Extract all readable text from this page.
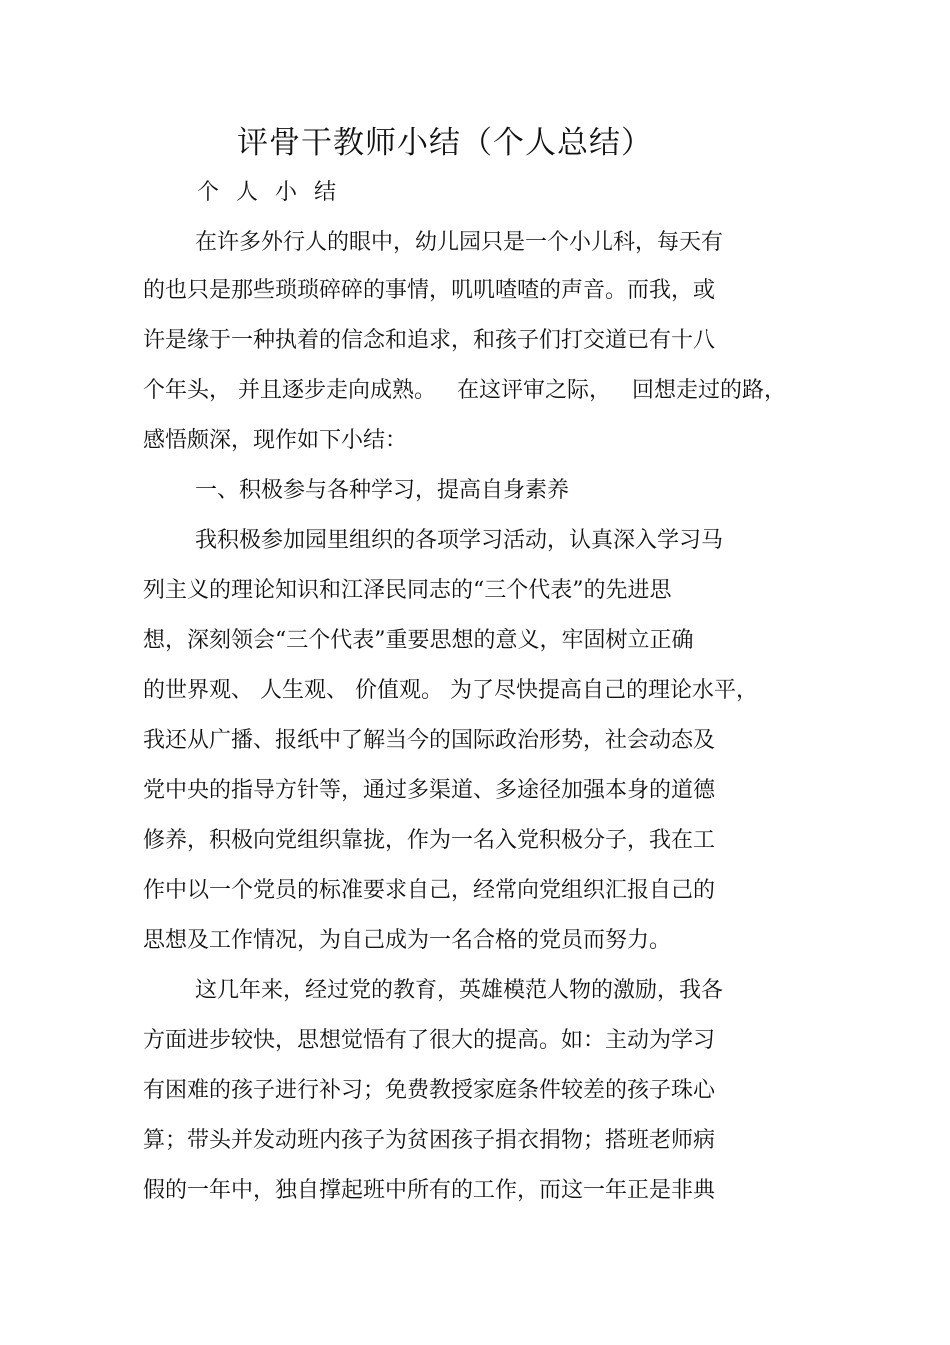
评骨干教师小结（个人总结）
个人小结
在许多外行人的眼中，幼儿园只是一个小儿科，每天有
的也只是那些琐琐碎碎的事情，叽叽喳喳的声音。而我，或
许是缘于一种执着的信念和追求，和孩子们打交道已有十八
个年头， 并且逐步走向成熟。   在这评审之际，   回想走过的路，
感悟颇深，现作如下小结：
一、积极参与各种学习，提高自身素养
我积极参加园里组织的各项学习活动，认真深入学习马
列主义的理论知识和江泽民同志的“三个代表”的先进思
想，深刻领会“三个代表”重要思想的意义，牢固树立正确
的世界观、 人生观、 价值观。 为了尽快提高自己的理论水平，
我还从广播、报纸中了解当今的国际政治形势，社会动态及
党中央的指导方针等，通过多渠道、多途径加强本身的道德
修养，积极向党组织靠拢，作为一名入党积极分子，我在工
作中以一个党员的标准要求自己，经常向党组织汇报自己的
思想及工作情况，为自己成为一名合格的党员而努力。
这几年来，经过党的教育，英雄模范人物的激励，我各
方面进步较快，思想觉悟有了很大的提高。如：主动为学习
有困难的孩子进行补习；免费教授家庭条件较差的孩子珠心
算；带头并发动班内孩子为贫困孩子捐衣捐物；搭班老师病
假的一年中，独自撑起班中所有的工作，而这一年正是非典
